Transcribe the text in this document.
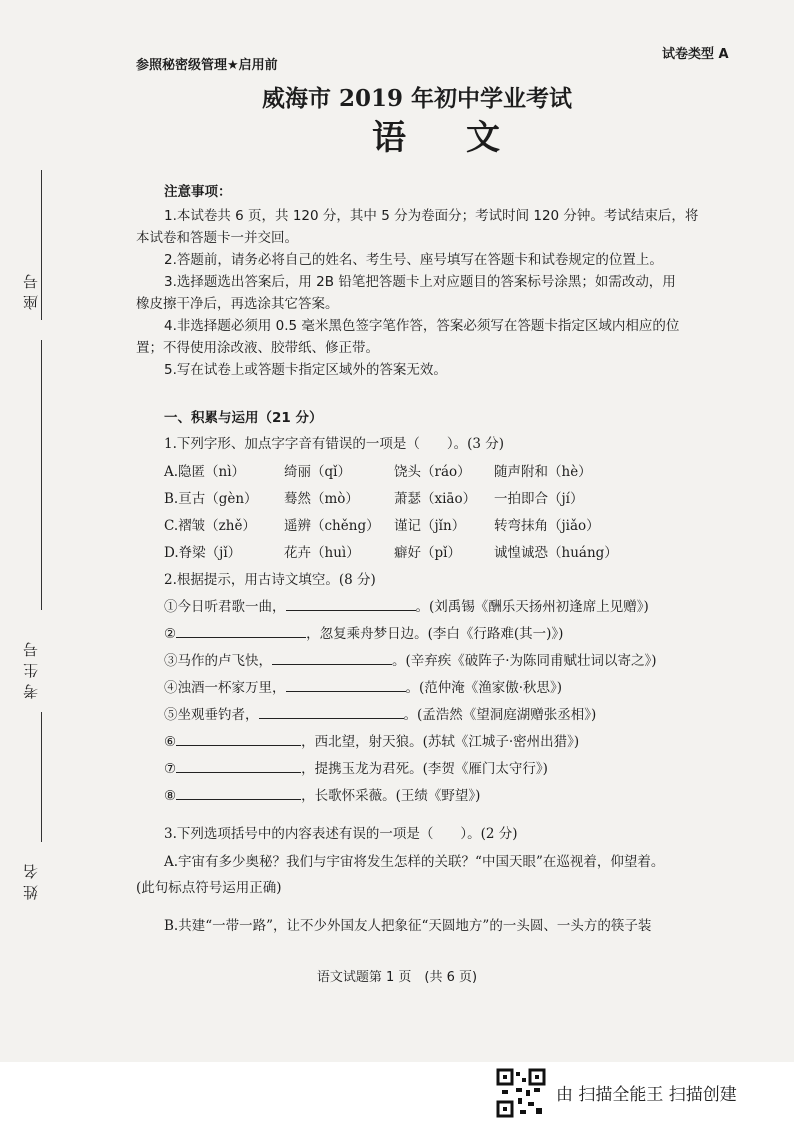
参照秘密级管理★启用前
试卷类型 A
威海市 2019 年初中学业考试
语文
座号
考生号
姓名
注意事项：
1.本试卷共 6 页，共 120 分，其中 5 分为卷面分；考试时间 120 分钟。考试结束后，将
本试卷和答题卡一并交回。
2.答题前，请务必将自己的姓名、考生号、座号填写在答题卡和试卷规定的位置上。
3.选择题选出答案后，用 2B 铅笔把答题卡上对应题目的答案标号涂黑；如需改动，用
橡皮擦干净后，再选涂其它答案。
4.非选择题必须用 0.5 毫米黑色签字笔作答，答案必须写在答题卡指定区域内相应的位
置；不得使用涂改液、胶带纸、修正带。
5.写在试卷上或答题卡指定区域外的答案无效。
一、积累与运用（21 分）
1.下列字形、加点字字音有错误的一项是（　　）。(3 分)
A.隐匿（nì）	绮丽（qǐ）	饶头（ráo） 随声附和（hè）
B.亘古（gèn） 蓦然（mò）	萧瑟（xiāo） 一拍即合（jí）
C.褶皱（zhě） 遥辨（chěng） 谨记（jǐn） 转弯抹角（jiǎo）
D.脊梁（jǐ）	花卉（huì）	癖好（pǐ） 诚惶诚恐（huáng）
2.根据提示，用古诗文填空。(8 分)
①今日听君歌一曲，	。(刘禹锡《酬乐天扬州初逢席上见赠》)
②	，忽复乘舟梦日边。(李白《行路难(其一)》)
③马作的卢飞快，	。(辛弃疾《破阵子·为陈同甫赋壮词以寄之》)
④浊酒一杯家万里，	。(范仲淹《渔家傲·秋思》)
⑤坐观垂钓者，	。(孟浩然《望洞庭湖赠张丞相》)
⑥	，西北望，射天狼。(苏轼《江城子·密州出猎》)
⑦	，提携玉龙为君死。(李贺《雁门太守行》)
⑧	，长歌怀采薇。(王绩《野望》)
3.下列选项括号中的内容表述有误的一项是（　　）。(2 分)
A.宇宙有多少奥秘？我们与宇宙将发生怎样的关联？“中国天眼”在巡视着，仰望着。
(此句标点符号运用正确)
B.共建“一带一路”，让不少外国友人把象征“天圆地方”的一头圆、一头方的筷子装
语文试题第 1 页　(共 6 页)
由 扫描全能王 扫描创建
